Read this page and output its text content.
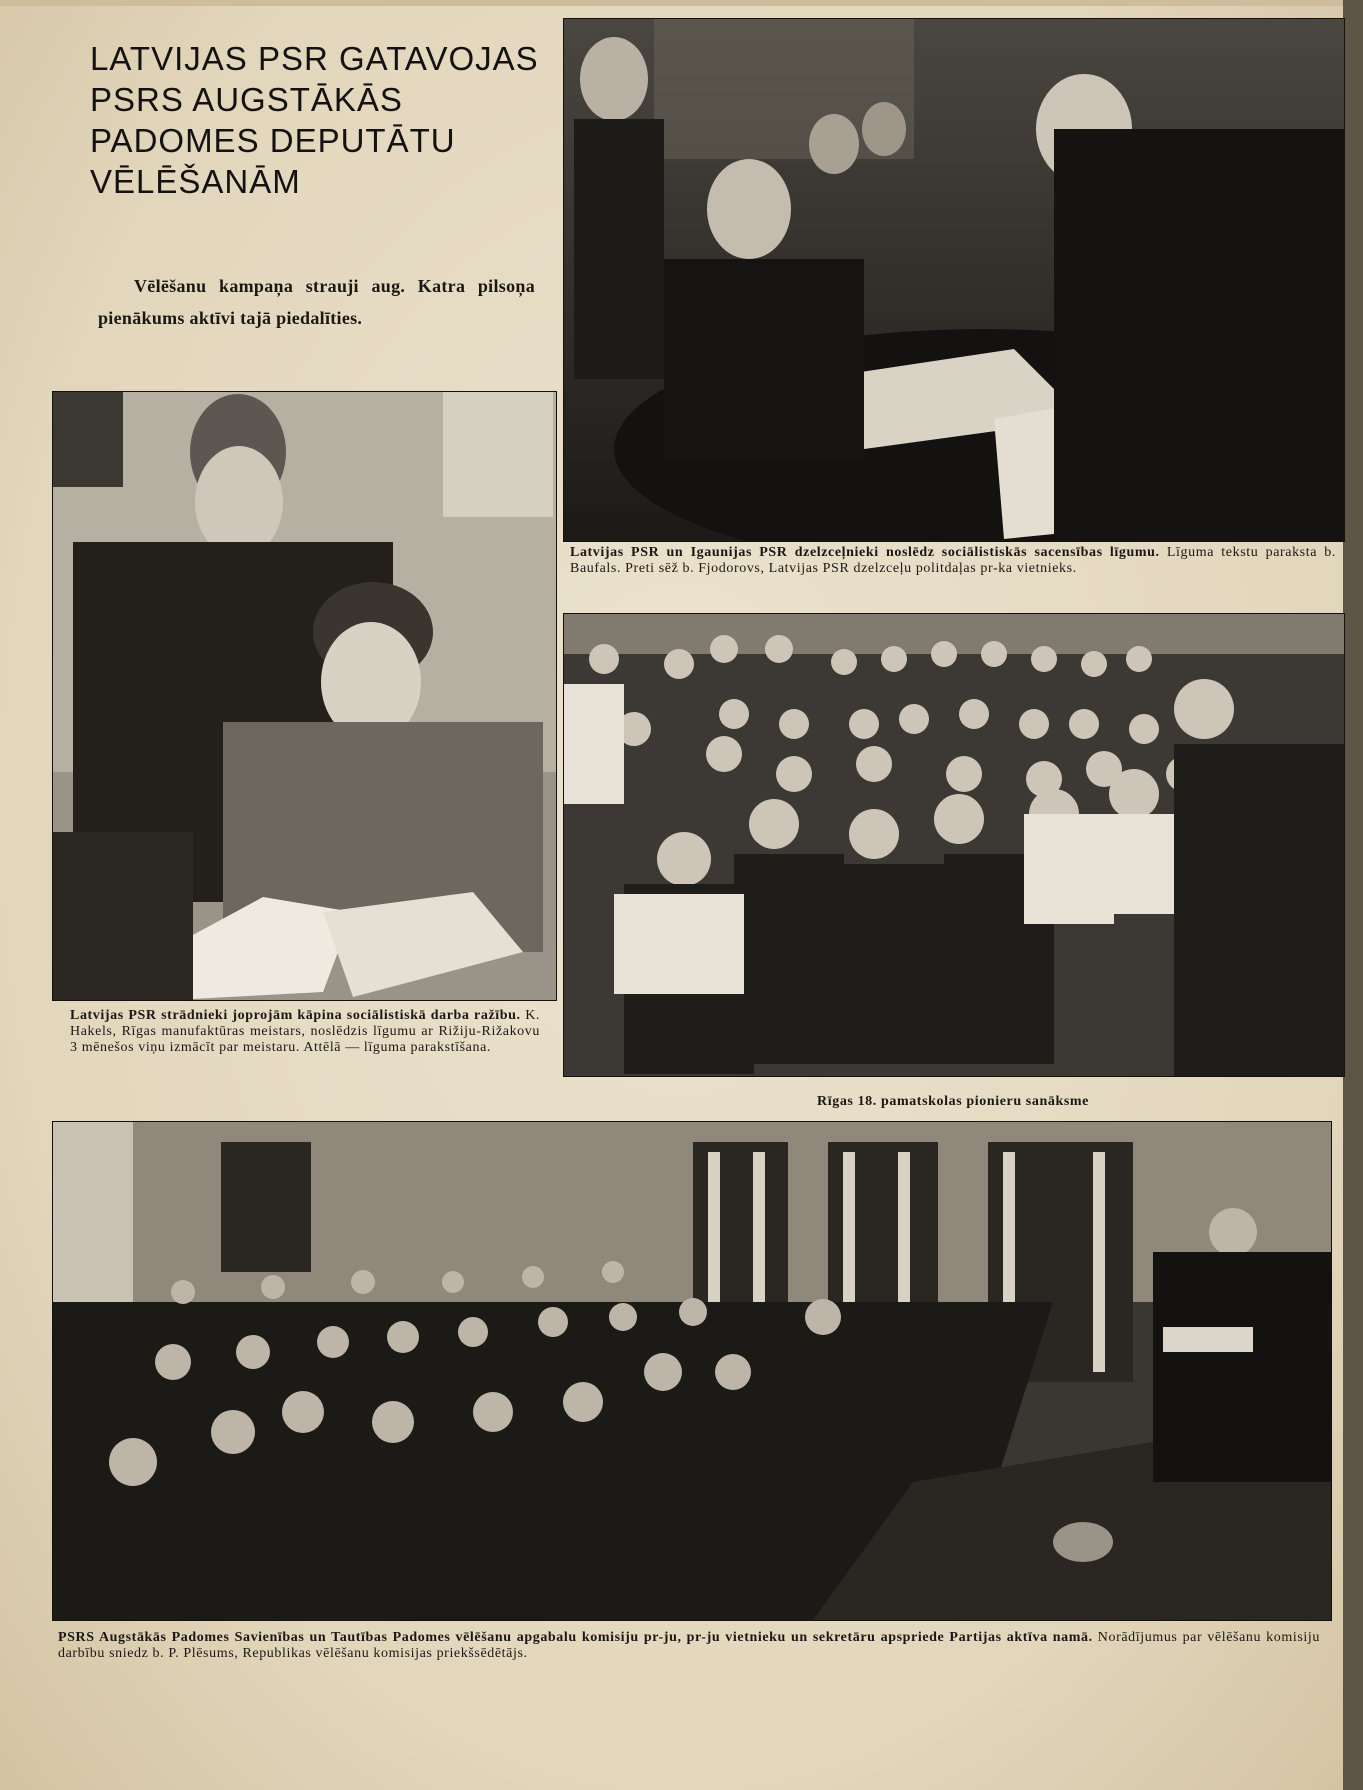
LATVIJAS PSR GATAVOJAS PSRS AUGSTĀKĀS PADOMES DEPUTĀTU VĒLĒŠANĀM
Vēlēšanu kampaņa strauji aug. Katra pilsoņa pienākums aktīvi tajā piedalīties.
Latvijas PSR un Igaunijas PSR dzelzceļnieki noslēdz sociālistiskās sacensības līgumu. Līguma tekstu paraksta b. Baufals. Preti sēž b. Fjodorovs, Latvijas PSR dzelzceļu politdaļas pr-ka vietnieks.
Latvijas PSR strādnieki joprojām kāpina sociālistiskā darba ražību. K. Hakels, Rīgas manufaktūras meistars, noslēdzis līgumu ar Rižiju-Rižakovu 3 mēnešos viņu izmācīt par meistaru. Attēlā — līguma parakstīšana.
Rīgas 18. pamatskolas pionieru sanāksme
PSRS Augstākās Padomes Savienības un Tautības Padomes vēlēšanu apgabalu komisiju pr-ju, pr-ju vietnieku un sekretāru apspriede Partijas aktīva namā. Norādījumus par vēlēšanu komisiju darbību sniedz b. P. Plēsums, Republikas vēlēšanu komisijas priekšsēdētājs.
